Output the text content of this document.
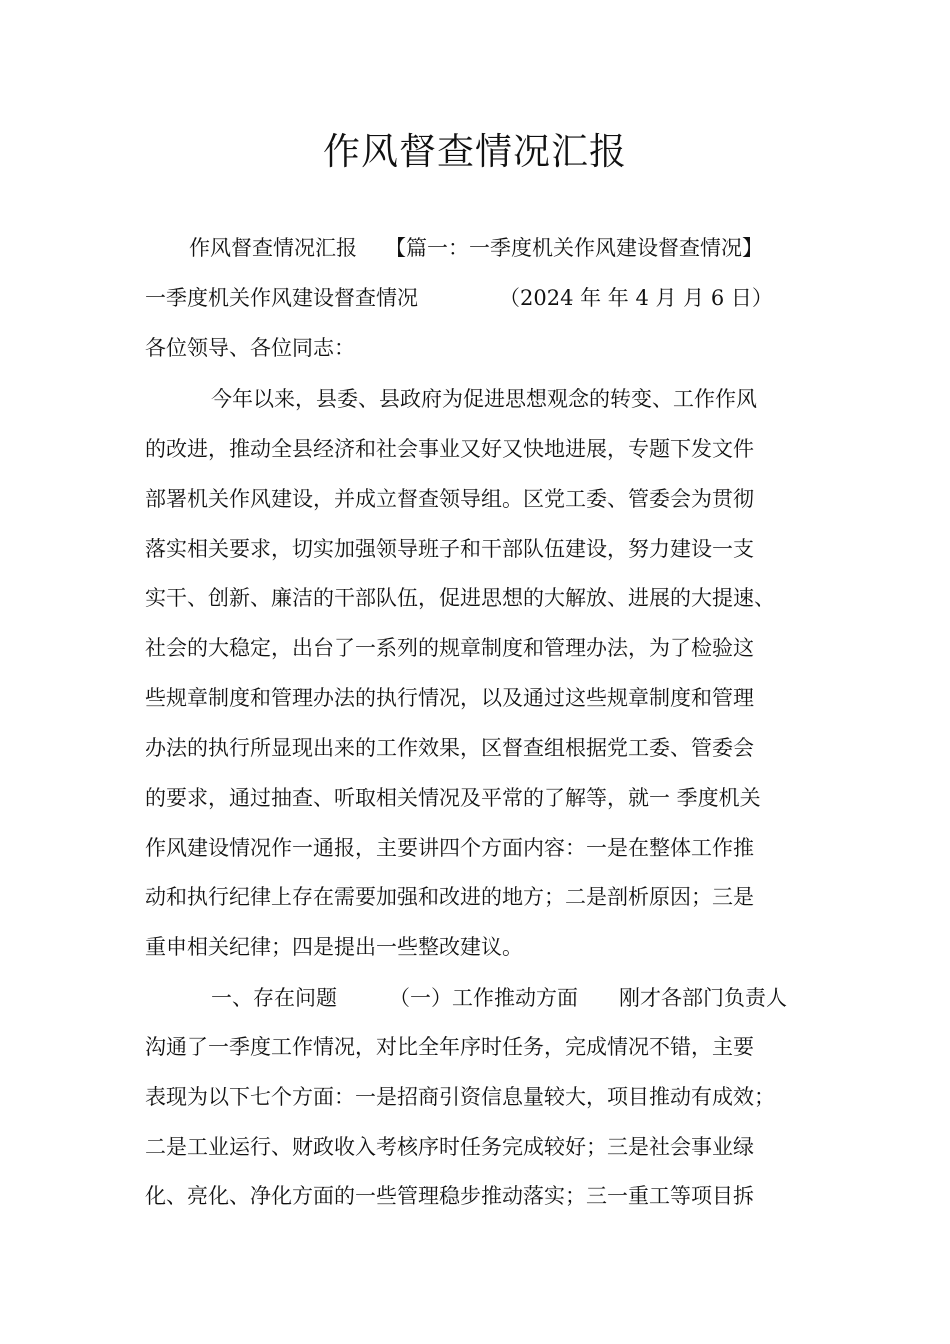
作风督查情况汇报

作风督查情况汇报

【篇一：一季度机关作风建设督查情况】

一季度机关作风建设督查情况

	（2024 年 年 4 月 月 6 日）

各位领导、各位同志：

今年以来，县委、县政府为促进思想观念的转变、工作作风

的改进，推动全县经济和社会事业又好又快地进展，专题下发文件

部署机关作风建设，并成立督查领导组。区党工委、管委会为贯彻

落实相关要求，切实加强领导班子和干部队伍建设，努力建设一支

实干、创新、廉洁的干部队伍，促进思想的大解放、进展的大提速、

社会的大稳定，出台了一系列的规章制度和管理办法，为了检验这

些规章制度和管理办法的执行情况，以及通过这些规章制度和管理

办法的执行所显现出来的工作效果，区督查组根据党工委、管委会

的要求，通过抽查、听取相关情况及平常的了解等，就一 季度机关

作风建设情况作一通报，主要讲四个方面内容：一是在整体工作推

动和执行纪律上存在需要加强和改进的地方；二是剖析原因；三是

重申相关纪律；四是提出一些整改建议。

一、存在问题

（一）工作推动方面

刚才各部门负责人

沟通了一季度工作情况，对比全年序时任务，完成情况不错，主要

表现为以下七个方面：一是招商引资信息量较大，项目推动有成效；

二是工业运行、财政收入考核序时任务完成较好；三是社会事业绿

化、亮化、净化方面的一些管理稳步推动落实；三一重工等项目拆
